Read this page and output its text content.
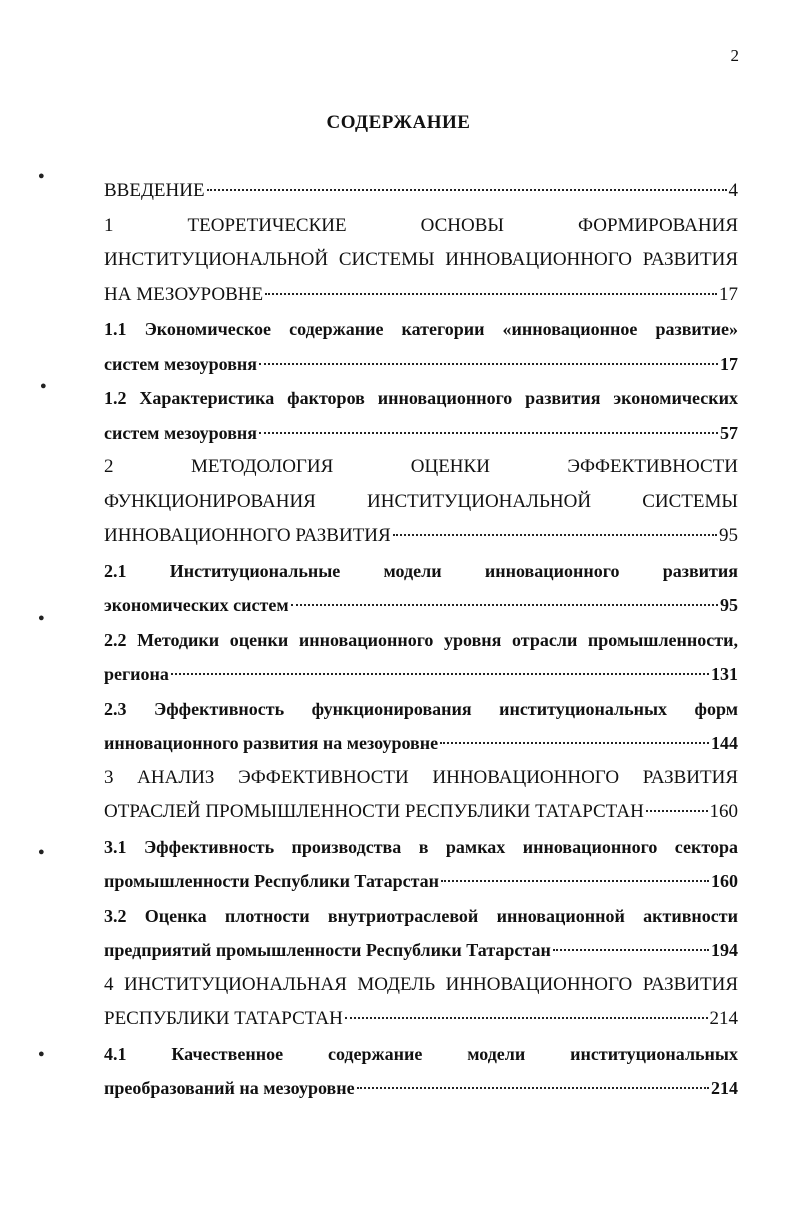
2
СОДЕРЖАНИЕ
ВВЕДЕНИЕ	4
1 ТЕОРЕТИЧЕСКИЕ ОСНОВЫ ФОРМИРОВАНИЯ
ИНСТИТУЦИОНАЛЬНОЙ СИСТЕМЫ ИННОВАЦИОННОГО РАЗВИТИЯ
НА МЕЗОУРОВНЕ	17
1.1 Экономическое содержание категории «инновационное развитие»
систем мезоуровня	17
1.2 Характеристика факторов инновационного развития экономических
систем мезоуровня	57
2 МЕТОДОЛОГИЯ ОЦЕНКИ ЭФФЕКТИВНОСТИ
ФУНКЦИОНИРОВАНИЯ ИНСТИТУЦИОНАЛЬНОЙ СИСТЕМЫ
ИННОВАЦИОННОГО РАЗВИТИЯ	95
2.1 Институциональные модели инновационного развития
экономических систем	95
2.2 Методики оценки инновационного уровня отрасли промышленности,
региона	131
2.3 Эффективность функционирования институциональных форм
инновационного развития на мезоуровне	144
3 АНАЛИЗ ЭФФЕКТИВНОСТИ ИННОВАЦИОННОГО РАЗВИТИЯ
ОТРАСЛЕЙ ПРОМЫШЛЕННОСТИ РЕСПУБЛИКИ ТАТАРСТАН	160
3.1 Эффективность производства в рамках инновационного сектора
промышленности Республики Татарстан	160
3.2 Оценка плотности внутриотраслевой инновационной активности
предприятий промышленности Республики Татарстан	194
4 ИНСТИТУЦИОНАЛЬНАЯ МОДЕЛЬ ИННОВАЦИОННОГО РАЗВИТИЯ
РЕСПУБЛИКИ ТАТАРСТАН	214
4.1 Качественное содержание модели институциональных
преобразований на мезоуровне	214
●
●
●
●
●
